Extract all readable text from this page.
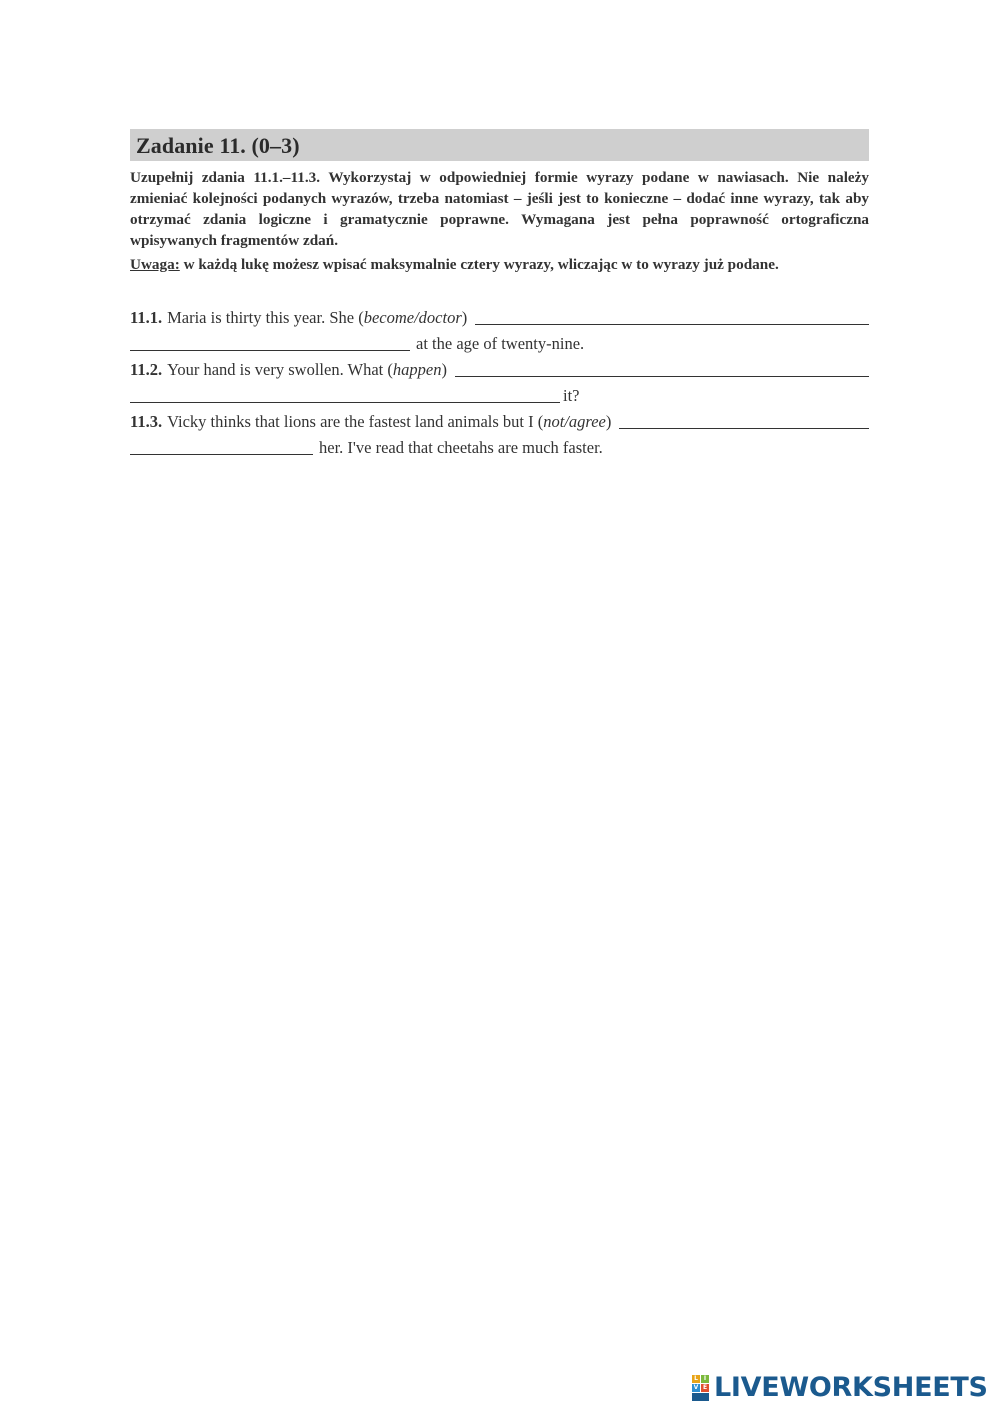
Zadanie 11. (0–3)

Uzupełnij zdania 11.1.–11.3. Wykorzystaj w odpowiedniej formie wyrazy podane w nawiasach. Nie należy zmieniać kolejności podanych wyrazów, trzeba natomiast – jeśli jest to konieczne – dodać inne wyrazy, tak aby otrzymać zdania logiczne i gramatycznie poprawne. Wymagana jest pełna poprawność ortograficzna wpisywanych fragmentów zdań.

Uwaga: w każdą lukę możesz wpisać maksymalnie cztery wyrazy, wliczając w to wyrazy już podane.

11.1. Maria is thirty this year. She ( become/doctor )
at the age of twenty-nine.
11.2. Your hand is very swollen. What ( happen )
it?
11.3. Vicky thinks that lions are the fastest land animals but I ( not/agree )
her. I've read that cheetahs are much faster.
L I
V E LIVEWORKSHEETS
